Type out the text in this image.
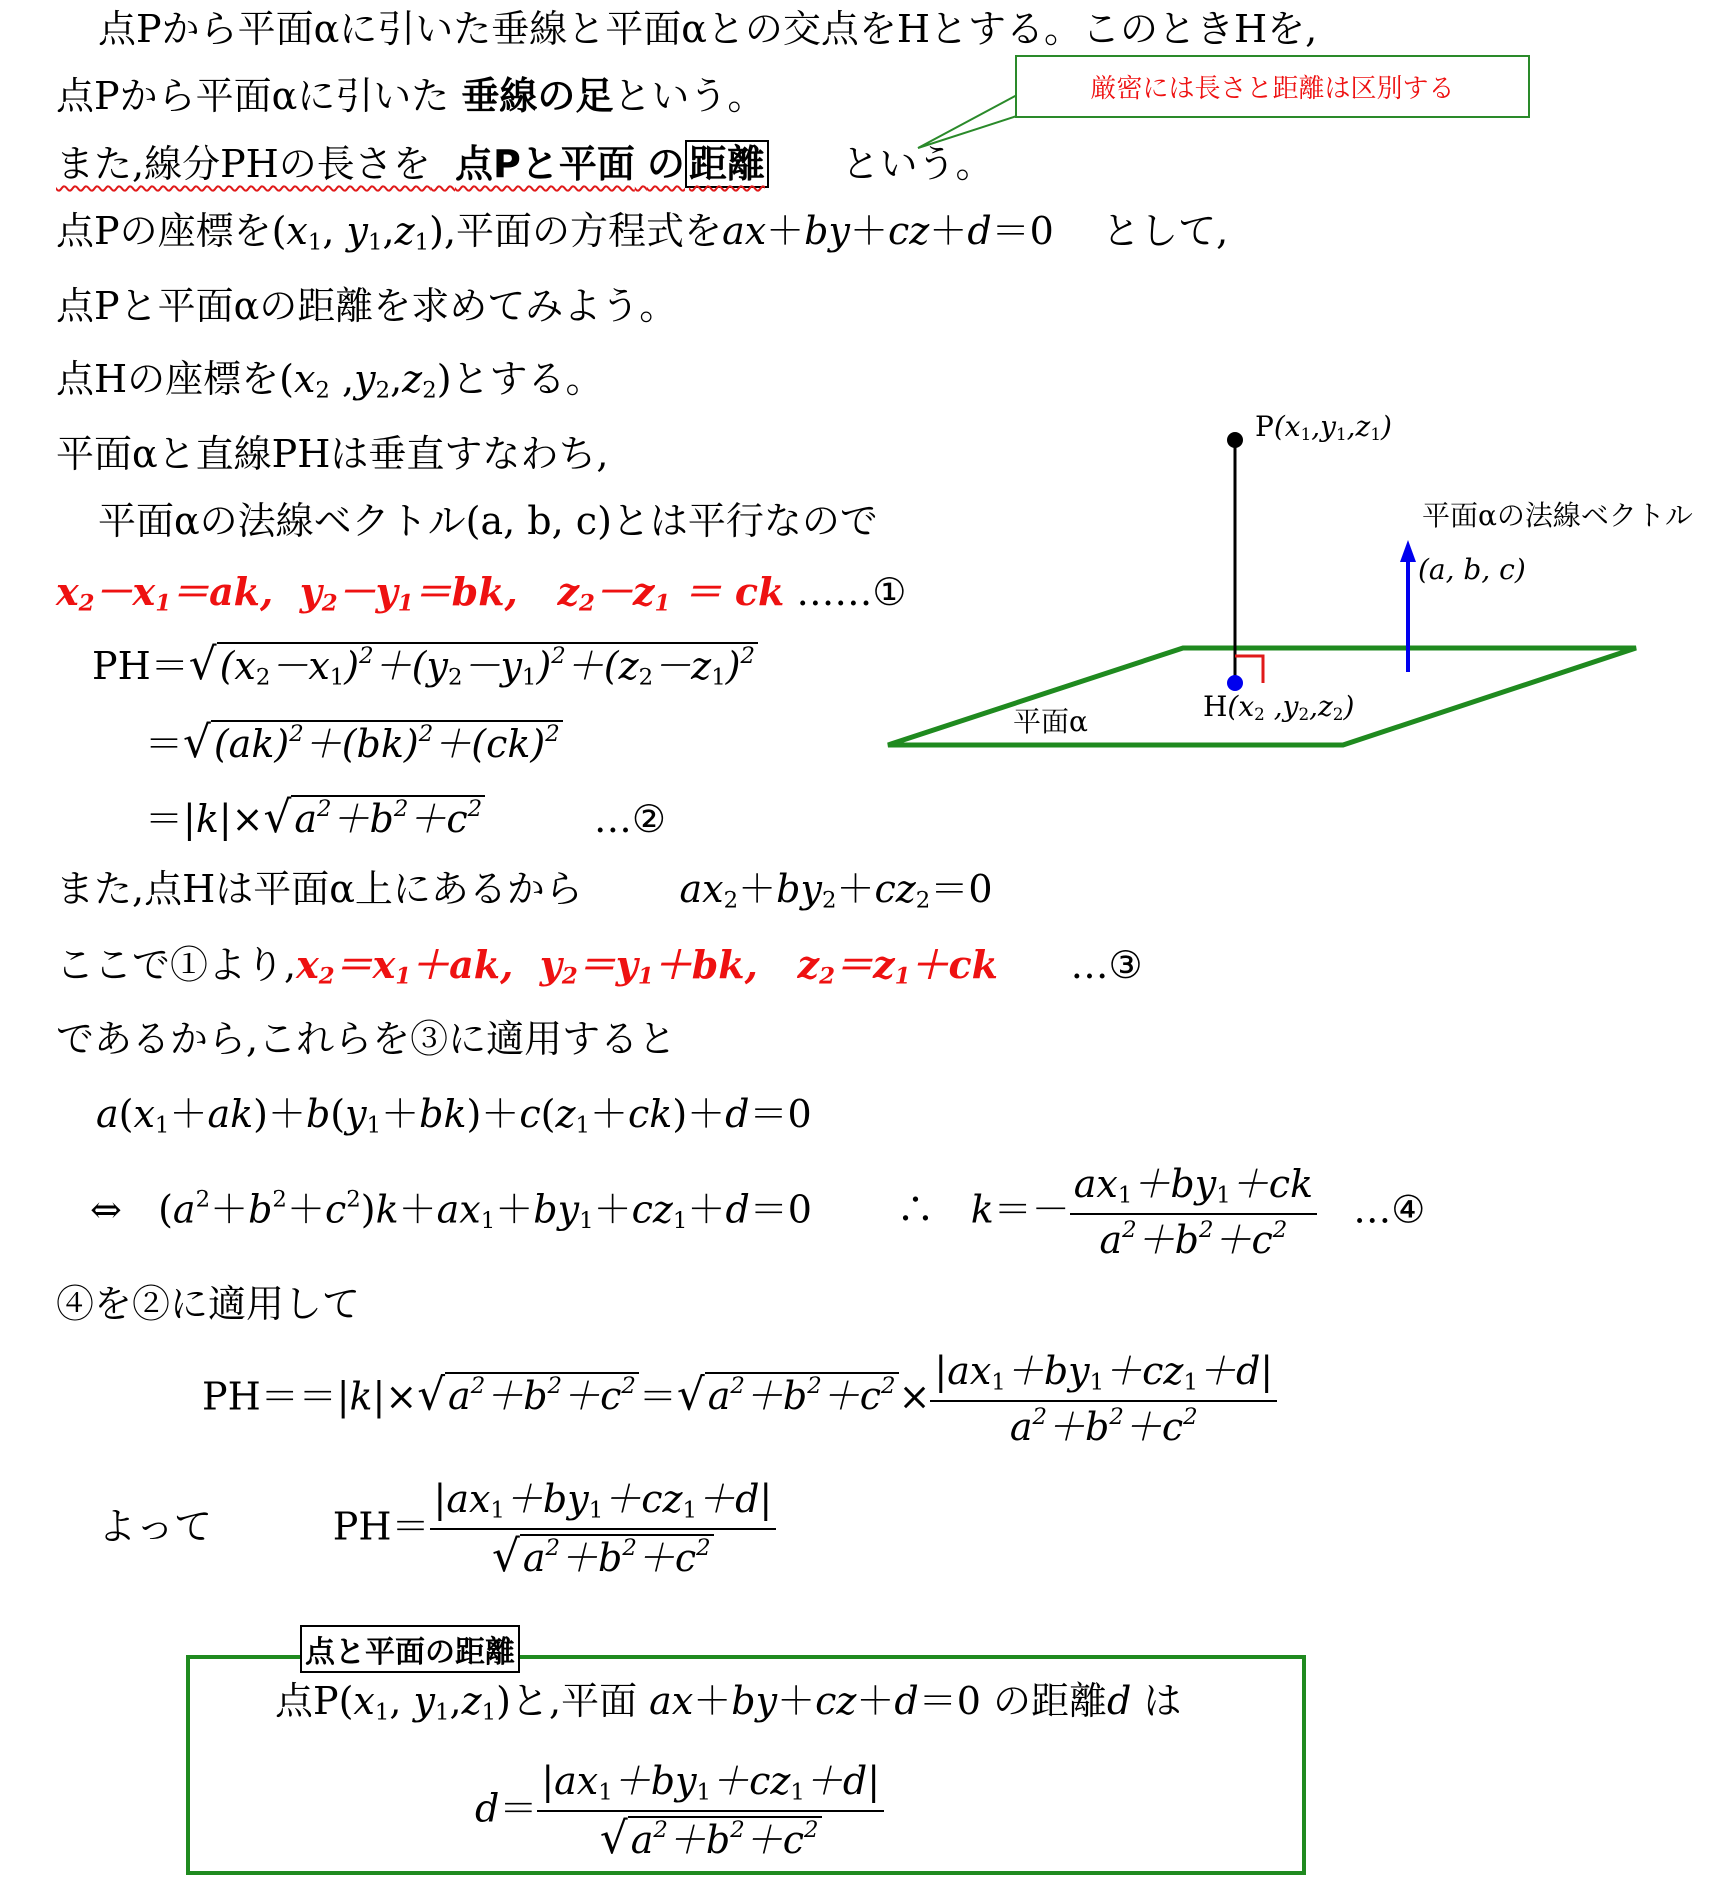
$P(x_1,y_1,z_1)$
$H(x_2$ $,y_2,z_2$)
平面α
平面αの法線ベクトル
(a, b, c)
厳密には長さと距離は区別する
点Pから平面αに引いた垂線と平面αとの交点をHとする。このときHを,
点Pから平面αに引いた 垂線の足という。
また,線分PHの長さを 点Pと平面 の 距離 という。
点Pの座標を($x_1$, $y_1,z_1$),平面の方程式をax＋by＋cz＋d＝0    として,
点Pと平面αの距離を求めてみよう。
点Hの座標を($x_2$ $,y_2,z_2$)とする。
平面αと直線PHは垂直すなわち,
平面αの法線ベクトル(a, b, c)とは平行なので
x2－x1＝ak,  y2－y1＝bk,   z2－z1 ＝ ck ……①
$PH=√(x_2-x_1)^2+(y_2-y_1)^2+(z_2-z_1)^2$
＝√(ak)$^2$＋(bk)$^2$＋(ck)$^2$
$=|k|\times√a^2+b^2+c^2$	…②
また,点Hは平面α上にあるから	$ax_2+by_2+cz_2=0$
ここで①より,x2＝x1＋ak,  y2＝y1＋bk,   z2＝z1＋ck …③
であるから,これらを③に適用すると
$a(x_1+ak)+b(y_1+bk)+c(z_1+ck)+d=0$
⇔   $(a^2+b^2+c^2)k+ax_1+by_1+cz_1+d=0$       ∴   $k=- \frac{ax_1+by_1+ck}{a^2+b^2+c^2}$ …④
④を②に適用して
$PH==|k|\times√a^2+b^2+c^2=√a^2+b^2+c^2\times \frac{|ax_1+by_1+cz_1+d|}{a^2+b^2+c^2}$
よって          $PH= \frac{|ax_1+by_1+cz_1+d|}{√a^2+b^2+c^2}$
点と平面の距離
点$P(x_1$, $y_1,z_1$)と,平面 ax＋by＋cz＋d＝0 の距離d は
$d= \frac{|ax_1+by_1+cz_1+d|}{√a^2+b^2+c^2}$
